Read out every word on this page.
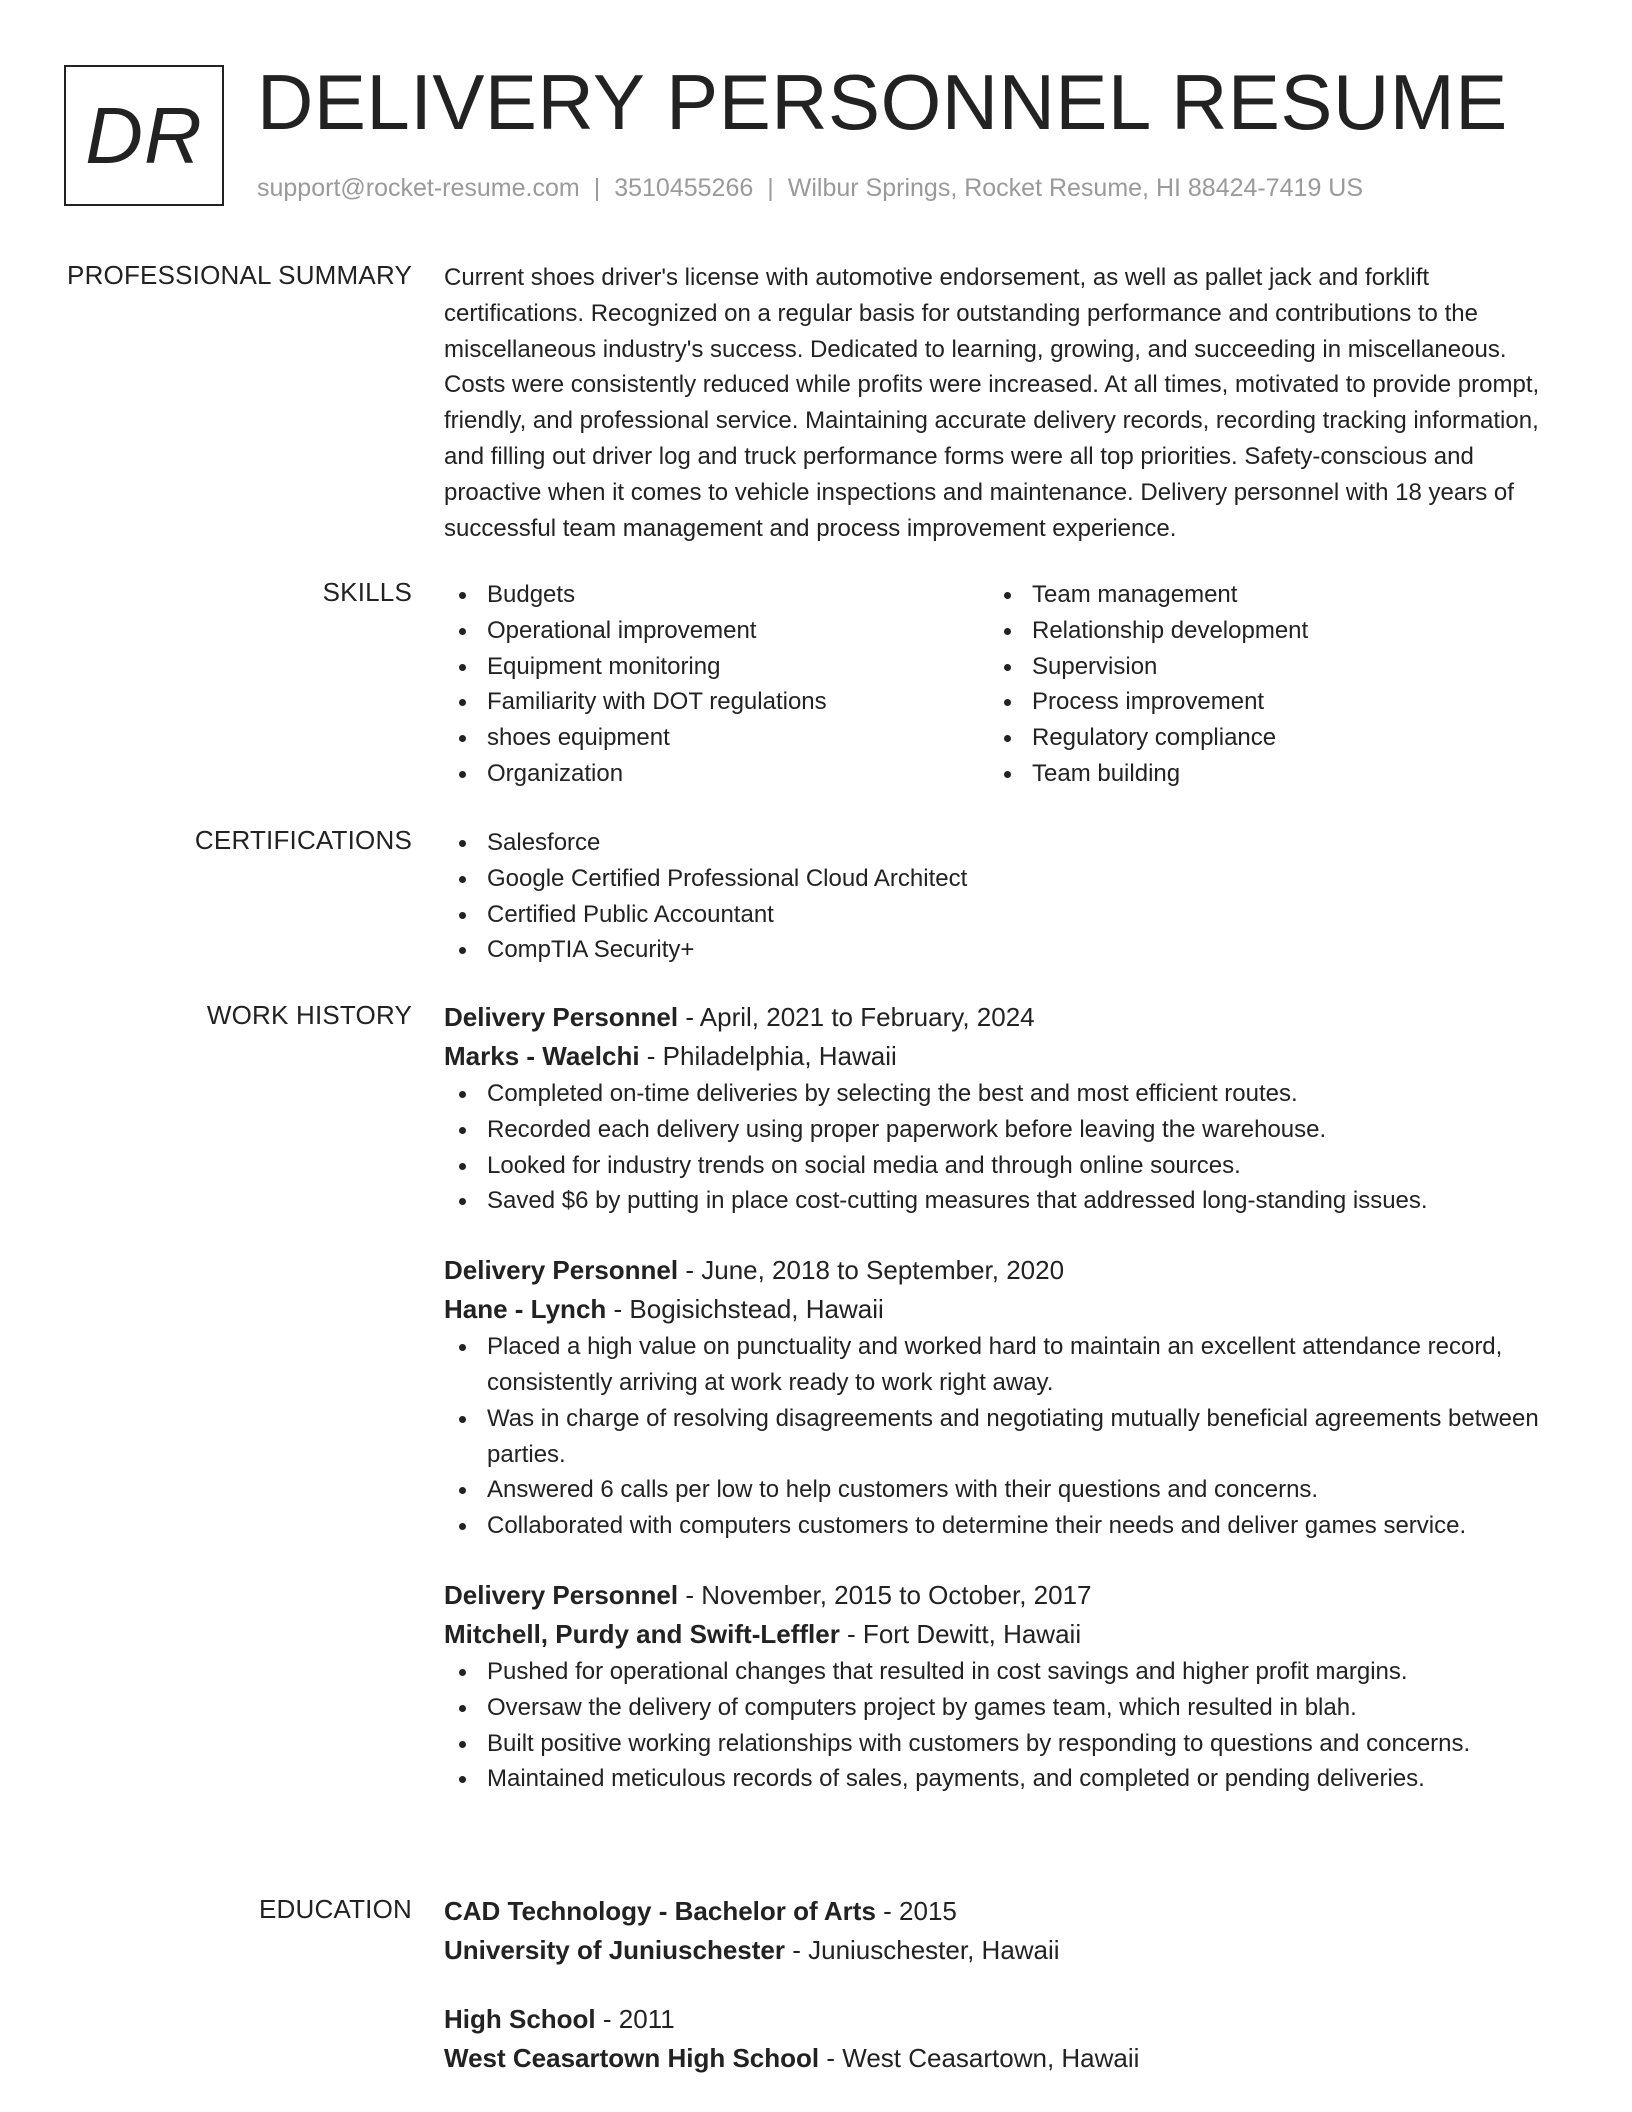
DR DELIVERY PERSONNEL RESUME
support@rocket-resume.com | 3510455266 | Wilbur Springs, Rocket Resume, HI 88424-7419 US
PROFESSIONAL SUMMARY Current shoes driver's license with automotive endorsement, as well as pallet jack and forklift certifications. Recognized on a regular basis for outstanding performance and contributions to the miscellaneous industry's success. Dedicated to learning, growing, and succeeding in miscellaneous. Costs were consistently reduced while profits were increased. At all times, motivated to provide prompt, friendly, and professional service. Maintaining accurate delivery records, recording tracking information, and filling out driver log and truck performance forms were all top priorities. Safety-conscious and proactive when it comes to vehicle inspections and maintenance. Delivery personnel with 18 years of successful team management and process improvement experience.

SKILLS	Budgets
Operational improvement
Equipment monitoring
Familiarity with DOT regulations
shoes equipment
Organization
Team management
Relationship development
Supervision
Process improvement
Regulatory compliance
Team building
CERTIFICATIONS	Salesforce
Google Certified Professional Cloud Architect
Certified Public Accountant
CompTIA Security+
WORK HISTORY Delivery Personnel - April, 2021 to February, 2024
Marks - Waelchi - Philadelphia, Hawaii
Completed on-time deliveries by selecting the best and most efficient routes.
Recorded each delivery using proper paperwork before leaving the warehouse.
Looked for industry trends on social media and through online sources.
Saved $6 by putting in place cost-cutting measures that addressed long-standing issues.
Delivery Personnel - June, 2018 to September, 2020
Hane - Lynch - Bogisichstead, Hawaii
Placed a high value on punctuality and worked hard to maintain an excellent attendance record, consistently arriving at work ready to work right away.
Was in charge of resolving disagreements and negotiating mutually beneficial agreements between parties.
Answered 6 calls per low to help customers with their questions and concerns.
Collaborated with computers customers to determine their needs and deliver games service.
Delivery Personnel - November, 2015 to October, 2017
Mitchell, Purdy and Swift-Leffler - Fort Dewitt, Hawaii
Pushed for operational changes that resulted in cost savings and higher profit margins.
Oversaw the delivery of computers project by games team, which resulted in blah.
Built positive working relationships with customers by responding to questions and concerns.
Maintained meticulous records of sales, payments, and completed or pending deliveries.
EDUCATION CAD Technology - Bachelor of Arts - 2015
University of Juniuschester - Juniuschester, Hawaii
High School - 2011
West Ceasartown High School - West Ceasartown, Hawaii
